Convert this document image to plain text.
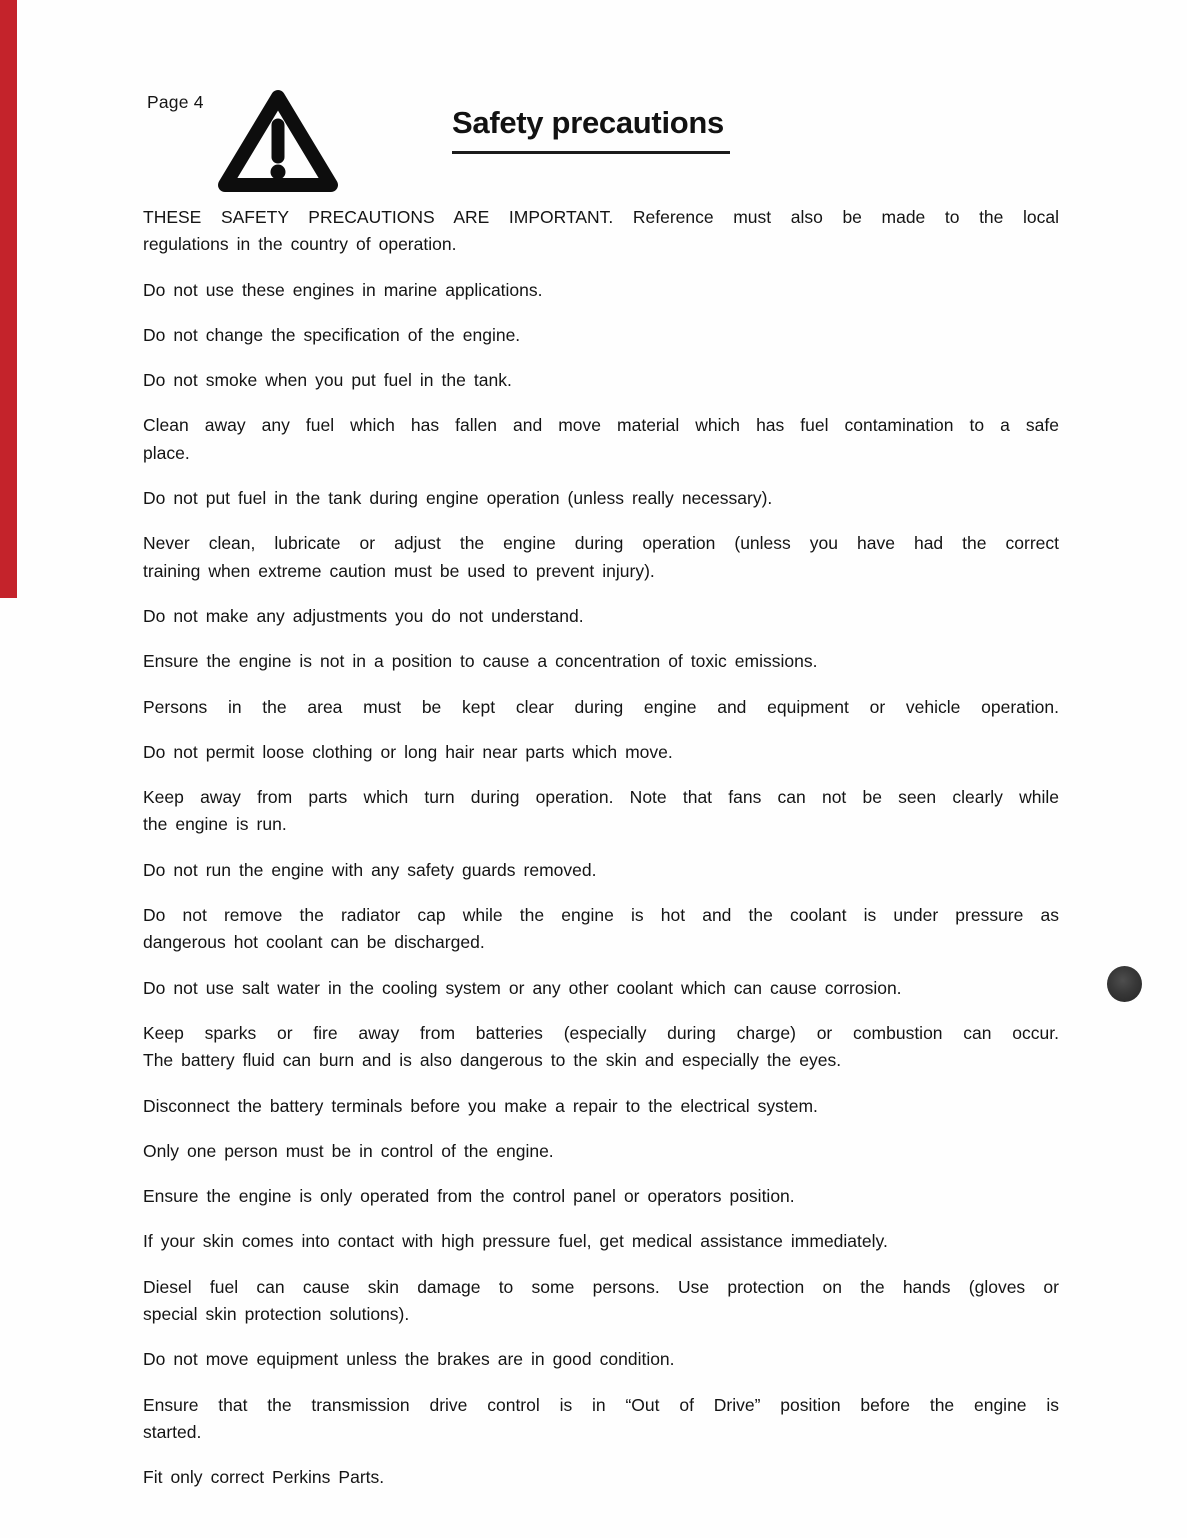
Page 4
Safety precautions

THESE SAFETY PRECAUTIONS ARE IMPORTANT. Reference must also be made to the local
regulations in the country of operation.

Do not use these engines in marine applications.

Do not change the specification of the engine.

Do not smoke when you put fuel in the tank.

Clean away any fuel which has fallen and move material which has fuel contamination to a safe
place.

Do not put fuel in the tank during engine operation (unless really necessary).

Never clean, lubricate or adjust the engine during operation (unless you have had the correct
training when extreme caution must be used to prevent injury).

Do not make any adjustments you do not understand.

Ensure the engine is not in a position to cause a concentration of toxic emissions.

Persons in the area must be kept clear during engine and equipment or vehicle operation.

Do not permit loose clothing or long hair near parts which move.

Keep away from parts which turn during operation. Note that fans can not be seen clearly while
the engine is run.

Do not run the engine with any safety guards removed.

Do not remove the radiator cap while the engine is hot and the coolant is under pressure as
dangerous hot coolant can be discharged.

Do not use salt water in the cooling system or any other coolant which can cause corrosion.

Keep sparks or fire away from batteries (especially during charge) or combustion can occur.
The battery fluid can burn and is also dangerous to the skin and especially the eyes.

Disconnect the battery terminals before you make a repair to the electrical system.

Only one person must be in control of the engine.

Ensure the engine is only operated from the control panel or operators position.

If your skin comes into contact with high pressure fuel, get medical assistance immediately.

Diesel fuel can cause skin damage to some persons. Use protection on the hands (gloves or
special skin protection solutions).

Do not move equipment unless the brakes are in good condition.

Ensure that the transmission drive control is in “Out of Drive” position before the engine is
started.

Fit only correct Perkins Parts.
